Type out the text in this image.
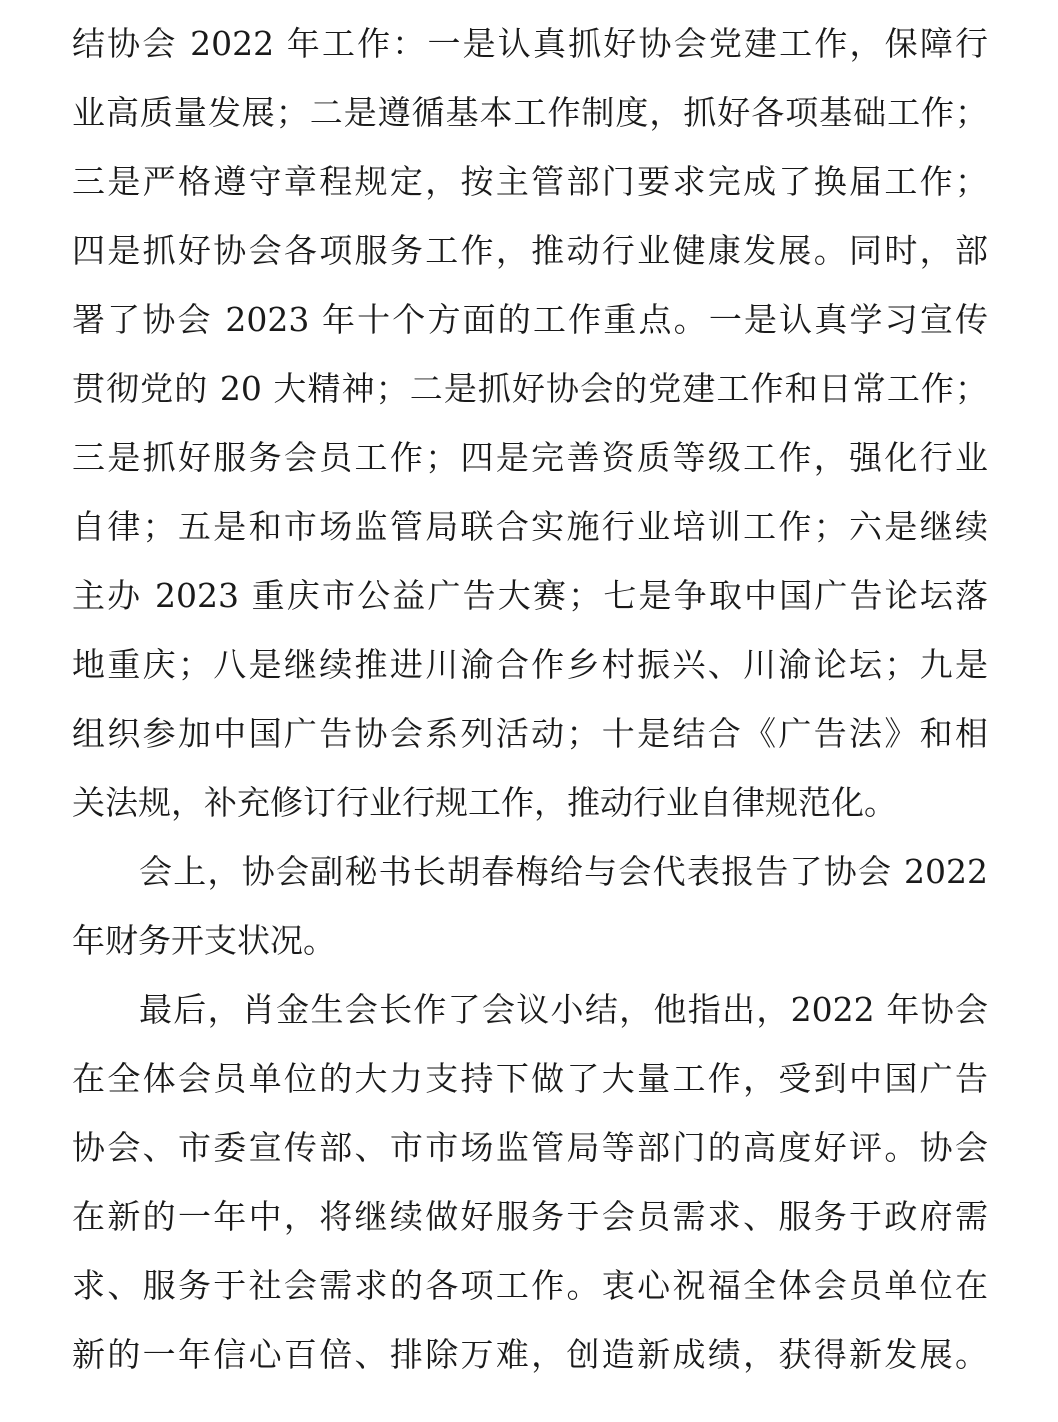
结协会 2022 年工作：一是认真抓好协会党建工作，保障行
业高质量发展；二是遵循基本工作制度，抓好各项基础工作；
三是严格遵守章程规定，按主管部门要求完成了换届工作；
四是抓好协会各项服务工作，推动行业健康发展。同时，部
署了协会 2023 年十个方面的工作重点。一是认真学习宣传
贯彻党的 20 大精神；二是抓好协会的党建工作和日常工作；
三是抓好服务会员工作；四是完善资质等级工作，强化行业
自律；五是和市场监管局联合实施行业培训工作；六是继续
主办 2023 重庆市公益广告大赛；七是争取中国广告论坛落
地重庆；八是继续推进川渝合作乡村振兴、川渝论坛；九是
组织参加中国广告协会系列活动；十是结合《广告法》和相
关法规，补充修订行业行规工作，推动行业自律规范化。
会上，协会副秘书长胡春梅给与会代表报告了协会 2022
年财务开支状况。
最后，肖金生会长作了会议小结，他指出，2022 年协会
在全体会员单位的大力支持下做了大量工作，受到中国广告
协会、市委宣传部、市市场监管局等部门的高度好评。协会
在新的一年中，将继续做好服务于会员需求、服务于政府需
求、服务于社会需求的各项工作。衷心祝福全体会员单位在
新的一年信心百倍、排除万难，创造新成绩，获得新发展。
